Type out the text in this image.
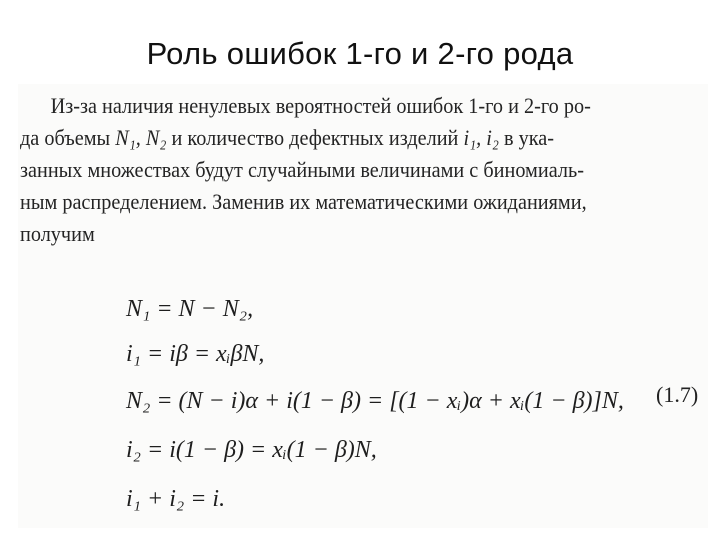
Роль ошибок 1-го и 2-го рода
Из-за наличия ненулевых вероятностей ошибок 1-го и 2-го ро-
да объемы N₁, N₂ и количество дефектных изделий i₁, i₂ в ука-
занных множествах будут случайными величинами с биномиаль-
ным распределением. Заменив их математическими ожиданиями,
получим
N₁ = N − N₂,
i₁ = iβ = xᵢβN,
N₂ = (N − i)α + i(1 − β) = [(1 − xᵢ)α + xᵢ(1 − β)]N,
i₂ = i(1 − β) = xᵢ(1 − β)N,
i₁ + i₂ = i.
(1.7)
